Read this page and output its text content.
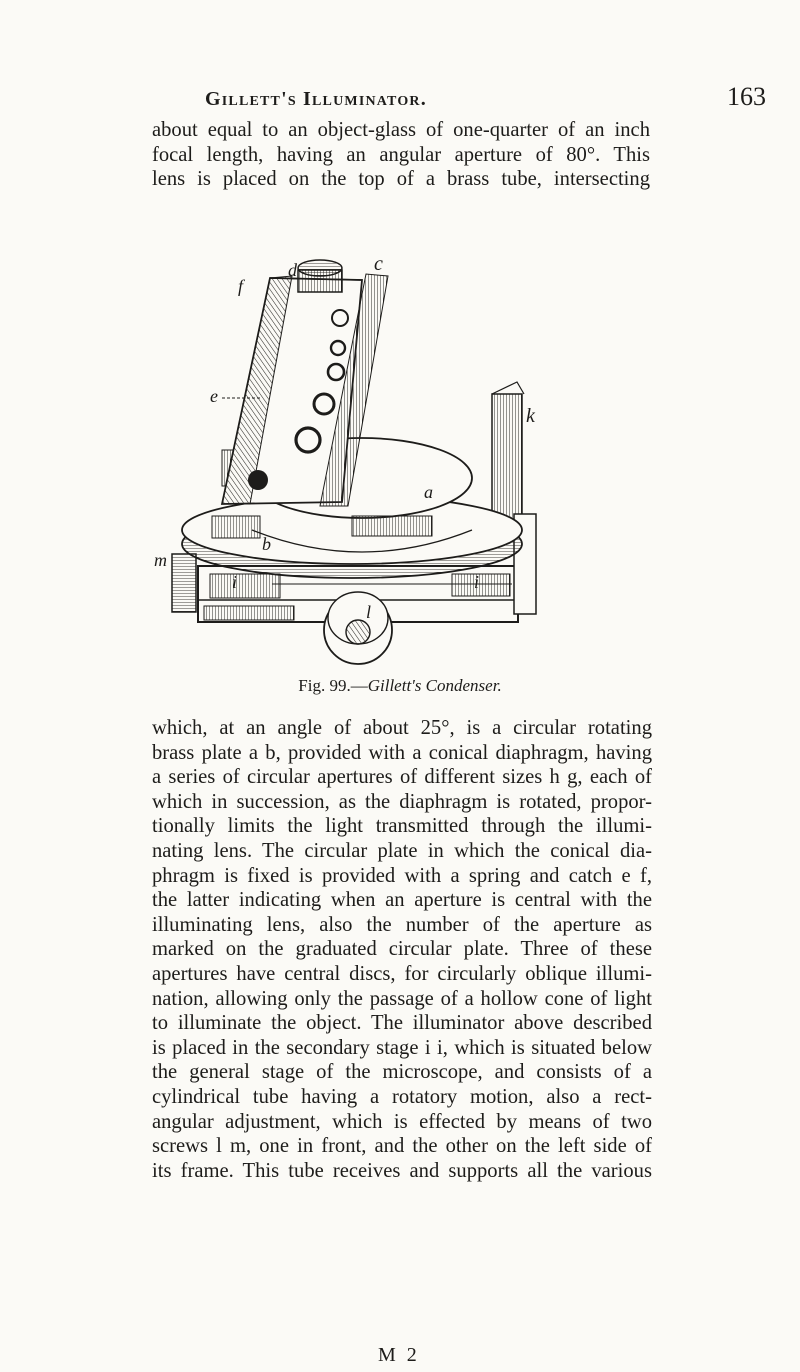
Gillett's Illuminator.	163
about equal to an object-glass of one-quarter of an inch
focal length, having an angular aperture of 80°. This
lens is placed on the top of a brass tube, intersecting
f
d	c
e
k
a
b
m
i	i
l
Fig. 99.—Gillett's Condenser.
which, at an angle of about 25°, is a circular rotating
brass plate a b, provided with a conical diaphragm, having
a series of circular apertures of different sizes h g, each of
which in succession, as the diaphragm is rotated, propor-
tionally limits the light transmitted through the illumi-
nating lens. The circular plate in which the conical dia-
phragm is fixed is provided with a spring and catch e f,
the latter indicating when an aperture is central with the
illuminating lens, also the number of the aperture as
marked on the graduated circular plate. Three of these
apertures have central discs, for circularly oblique illumi-
nation, allowing only the passage of a hollow cone of light
to illuminate the object. The illuminator above described
is placed in the secondary stage i i, which is situated below
the general stage of the microscope, and consists of a
cylindrical tube having a rotatory motion, also a rect-
angular adjustment, which is effected by means of two
screws l m, one in front, and the other on the left side of
its frame. This tube receives and supports all the various
M 2
